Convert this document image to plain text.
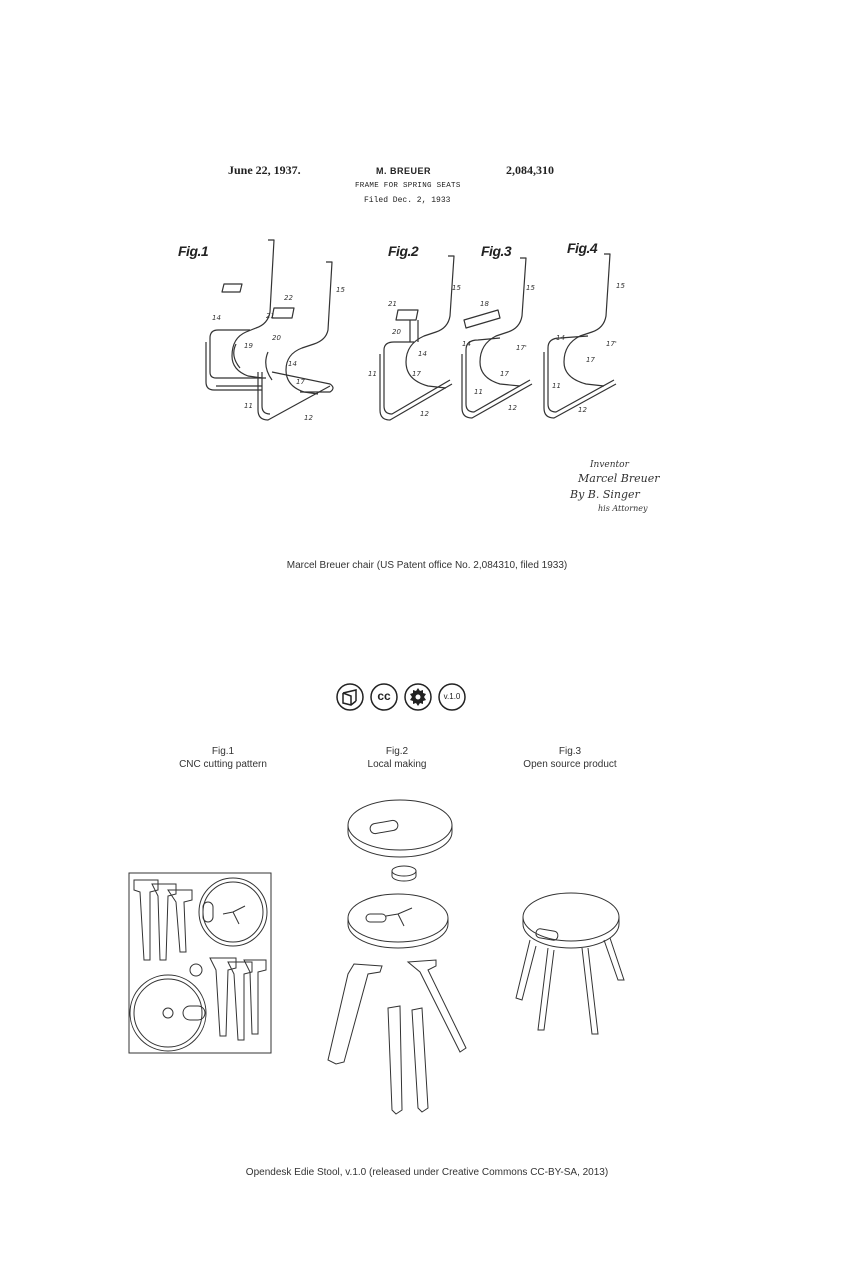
June 22, 1937.	M. BREUER
FRAME FOR SPRING SEATS
Filed Dec. 2, 1933
2,084,310
Fig.1	Fig.2	Fig.3	Fig.4
14
19
20
21
22
15
14
17
11
12
21
15
20
14
17
11
12
18
15
14	17'
17
11
12
15
14
17'
17
11
12
Inventor
Marcel Breuer
By B. Singer
his Attorney
Marcel Breuer chair (US Patent office No. 2,084310, filed 1933)
cc	v.1.0
Fig.1
CNC cutting pattern
Fig.2
Local making
Fig.3
Open source product
Opendesk Edie Stool, v.1.0 (released under Creative Commons CC-BY-SA, 2013)
